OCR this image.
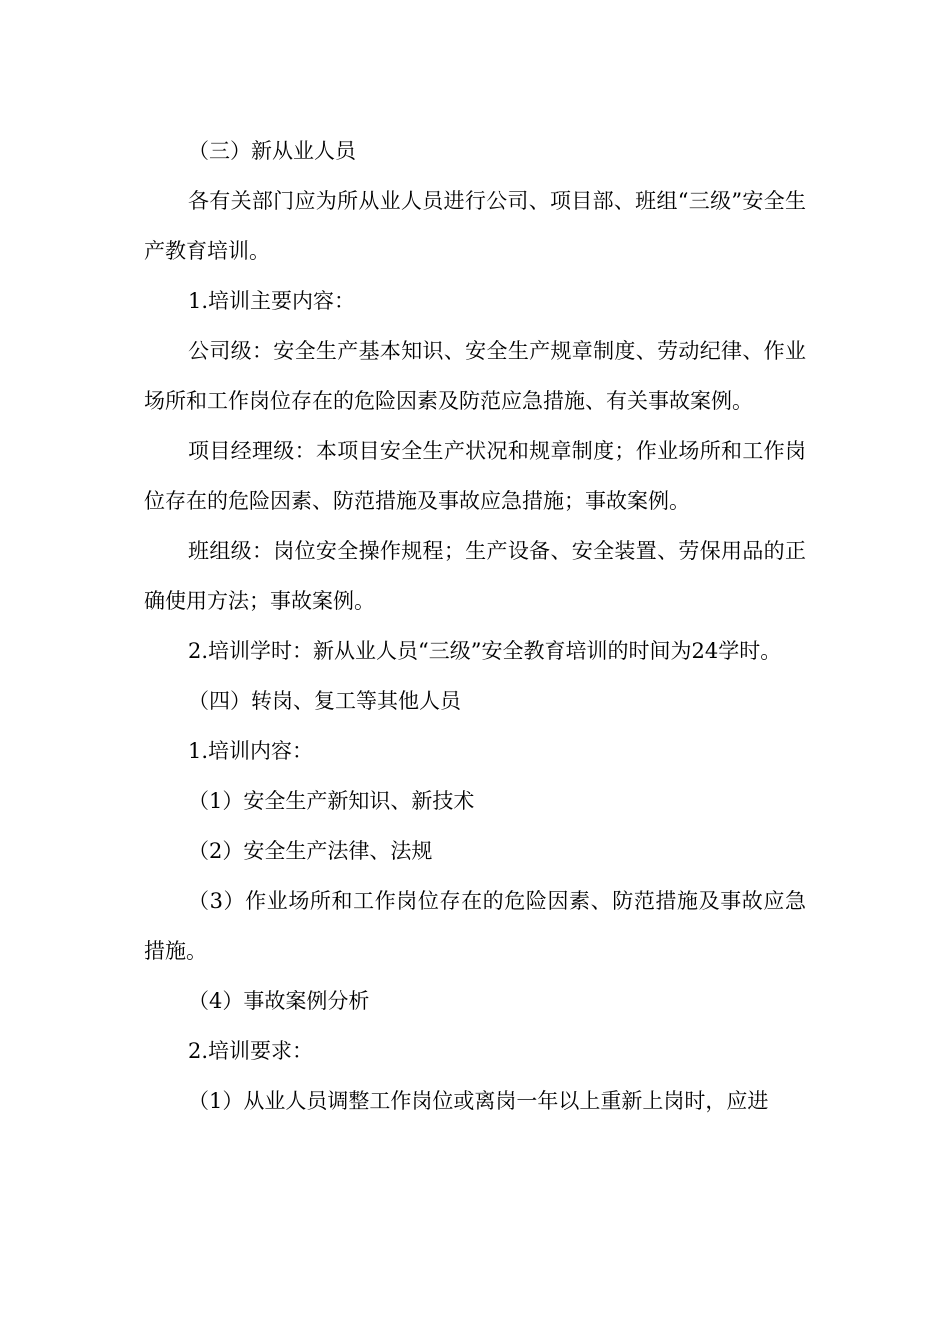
（三）新从业人员

各有关部门应为所从业人员进行公司、项目部、班组“三级”安全生产教育培训。

1.培训主要内容：

公司级：安全生产基本知识、安全生产规章制度、劳动纪律、作业场所和工作岗位存在的危险因素及防范应急措施、有关事故案例。

项目经理级：本项目安全生产状况和规章制度；作业场所和工作岗位存在的危险因素、防范措施及事故应急措施；事故案例。

班组级：岗位安全操作规程；生产设备、安全装置、劳保用品的正确使用方法；事故案例。

2.培训学时：新从业人员“三级”安全教育培训的时间为24学时。

（四）转岗、复工等其他人员

1.培训内容：

（1）安全生产新知识、新技术

（2）安全生产法律、法规

（3）作业场所和工作岗位存在的危险因素、防范措施及事故应急措施。

（4）事故案例分析

2.培训要求：

（1）从业人员调整工作岗位或离岗一年以上重新上岗时，应进
